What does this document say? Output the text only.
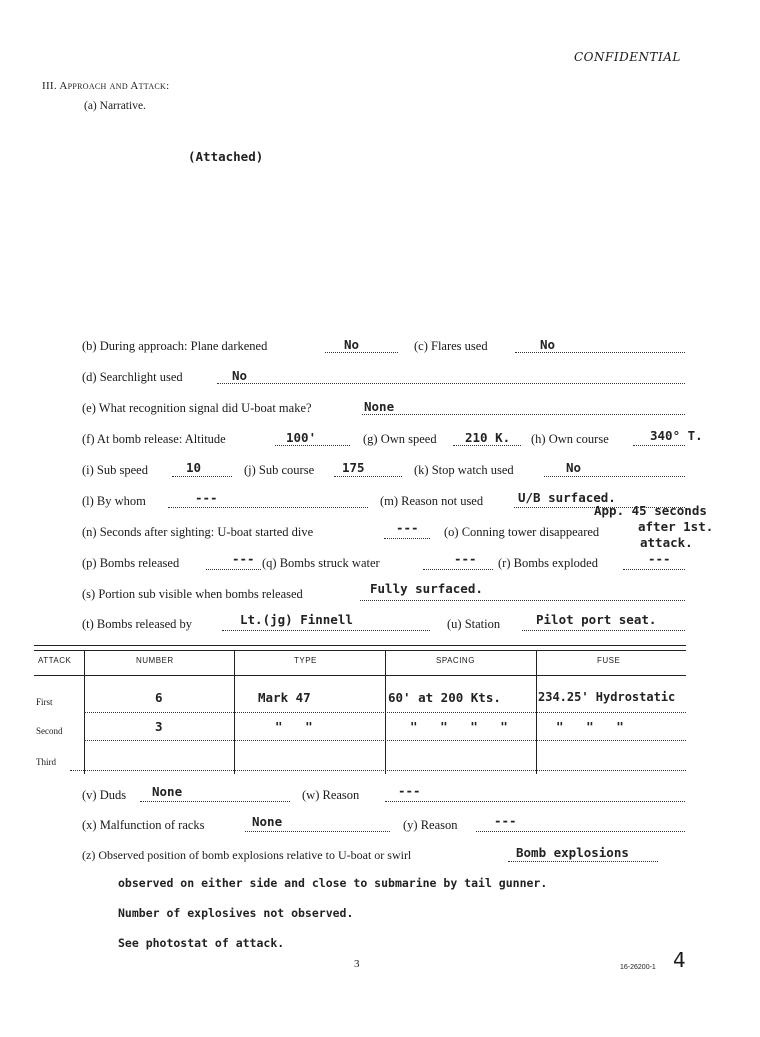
CONFIDENTIAL
III. Approach and Attack:
(a) Narrative.
(Attached)
(b) During approach: Plane darkened	No	(c) Flares used	No
(d) Searchlight used	No
(e) What recognition signal did U-boat make?	None
(f) At bomb release: Altitude	100'	(g) Own speed 210 K. (h) Own course	340° T.
(i) Sub speed	10	(j) Sub course 175	(k) Stop watch used	No
(l) By whom	---	(m) Reason not used	U/B surfaced.
(n) Seconds after sighting: U-boat started dive	--- (o) Conning tower disappeared
App. 45 seconds
after 1st.
attack.
(p) Bombs released	--- (q) Bombs struck water	--- (r) Bombs exploded	---
(s) Portion sub visible when bombs released	Fully surfaced.
(t) Bombs released by	Lt.(jg) Finnell	(u) Station	Pilot port seat.
ATTACK	NUMBER	TYPE	SPACING	FUSE
First	6	Mark 47	60' at 200 Kts.	234.25' Hydrostatic
Second	3	"   "	"   "   "   "	"   "   "
Third
(v) Duds None	(w) Reason	---
(x) Malfunction of racks	None	(y) Reason	---
(z) Observed position of bomb explosions relative to U-boat or swirl	Bomb explosions
observed on either side and close to submarine by tail gunner.
Number of explosives not observed.
See photostat of attack.
3	16-26200-1 4
